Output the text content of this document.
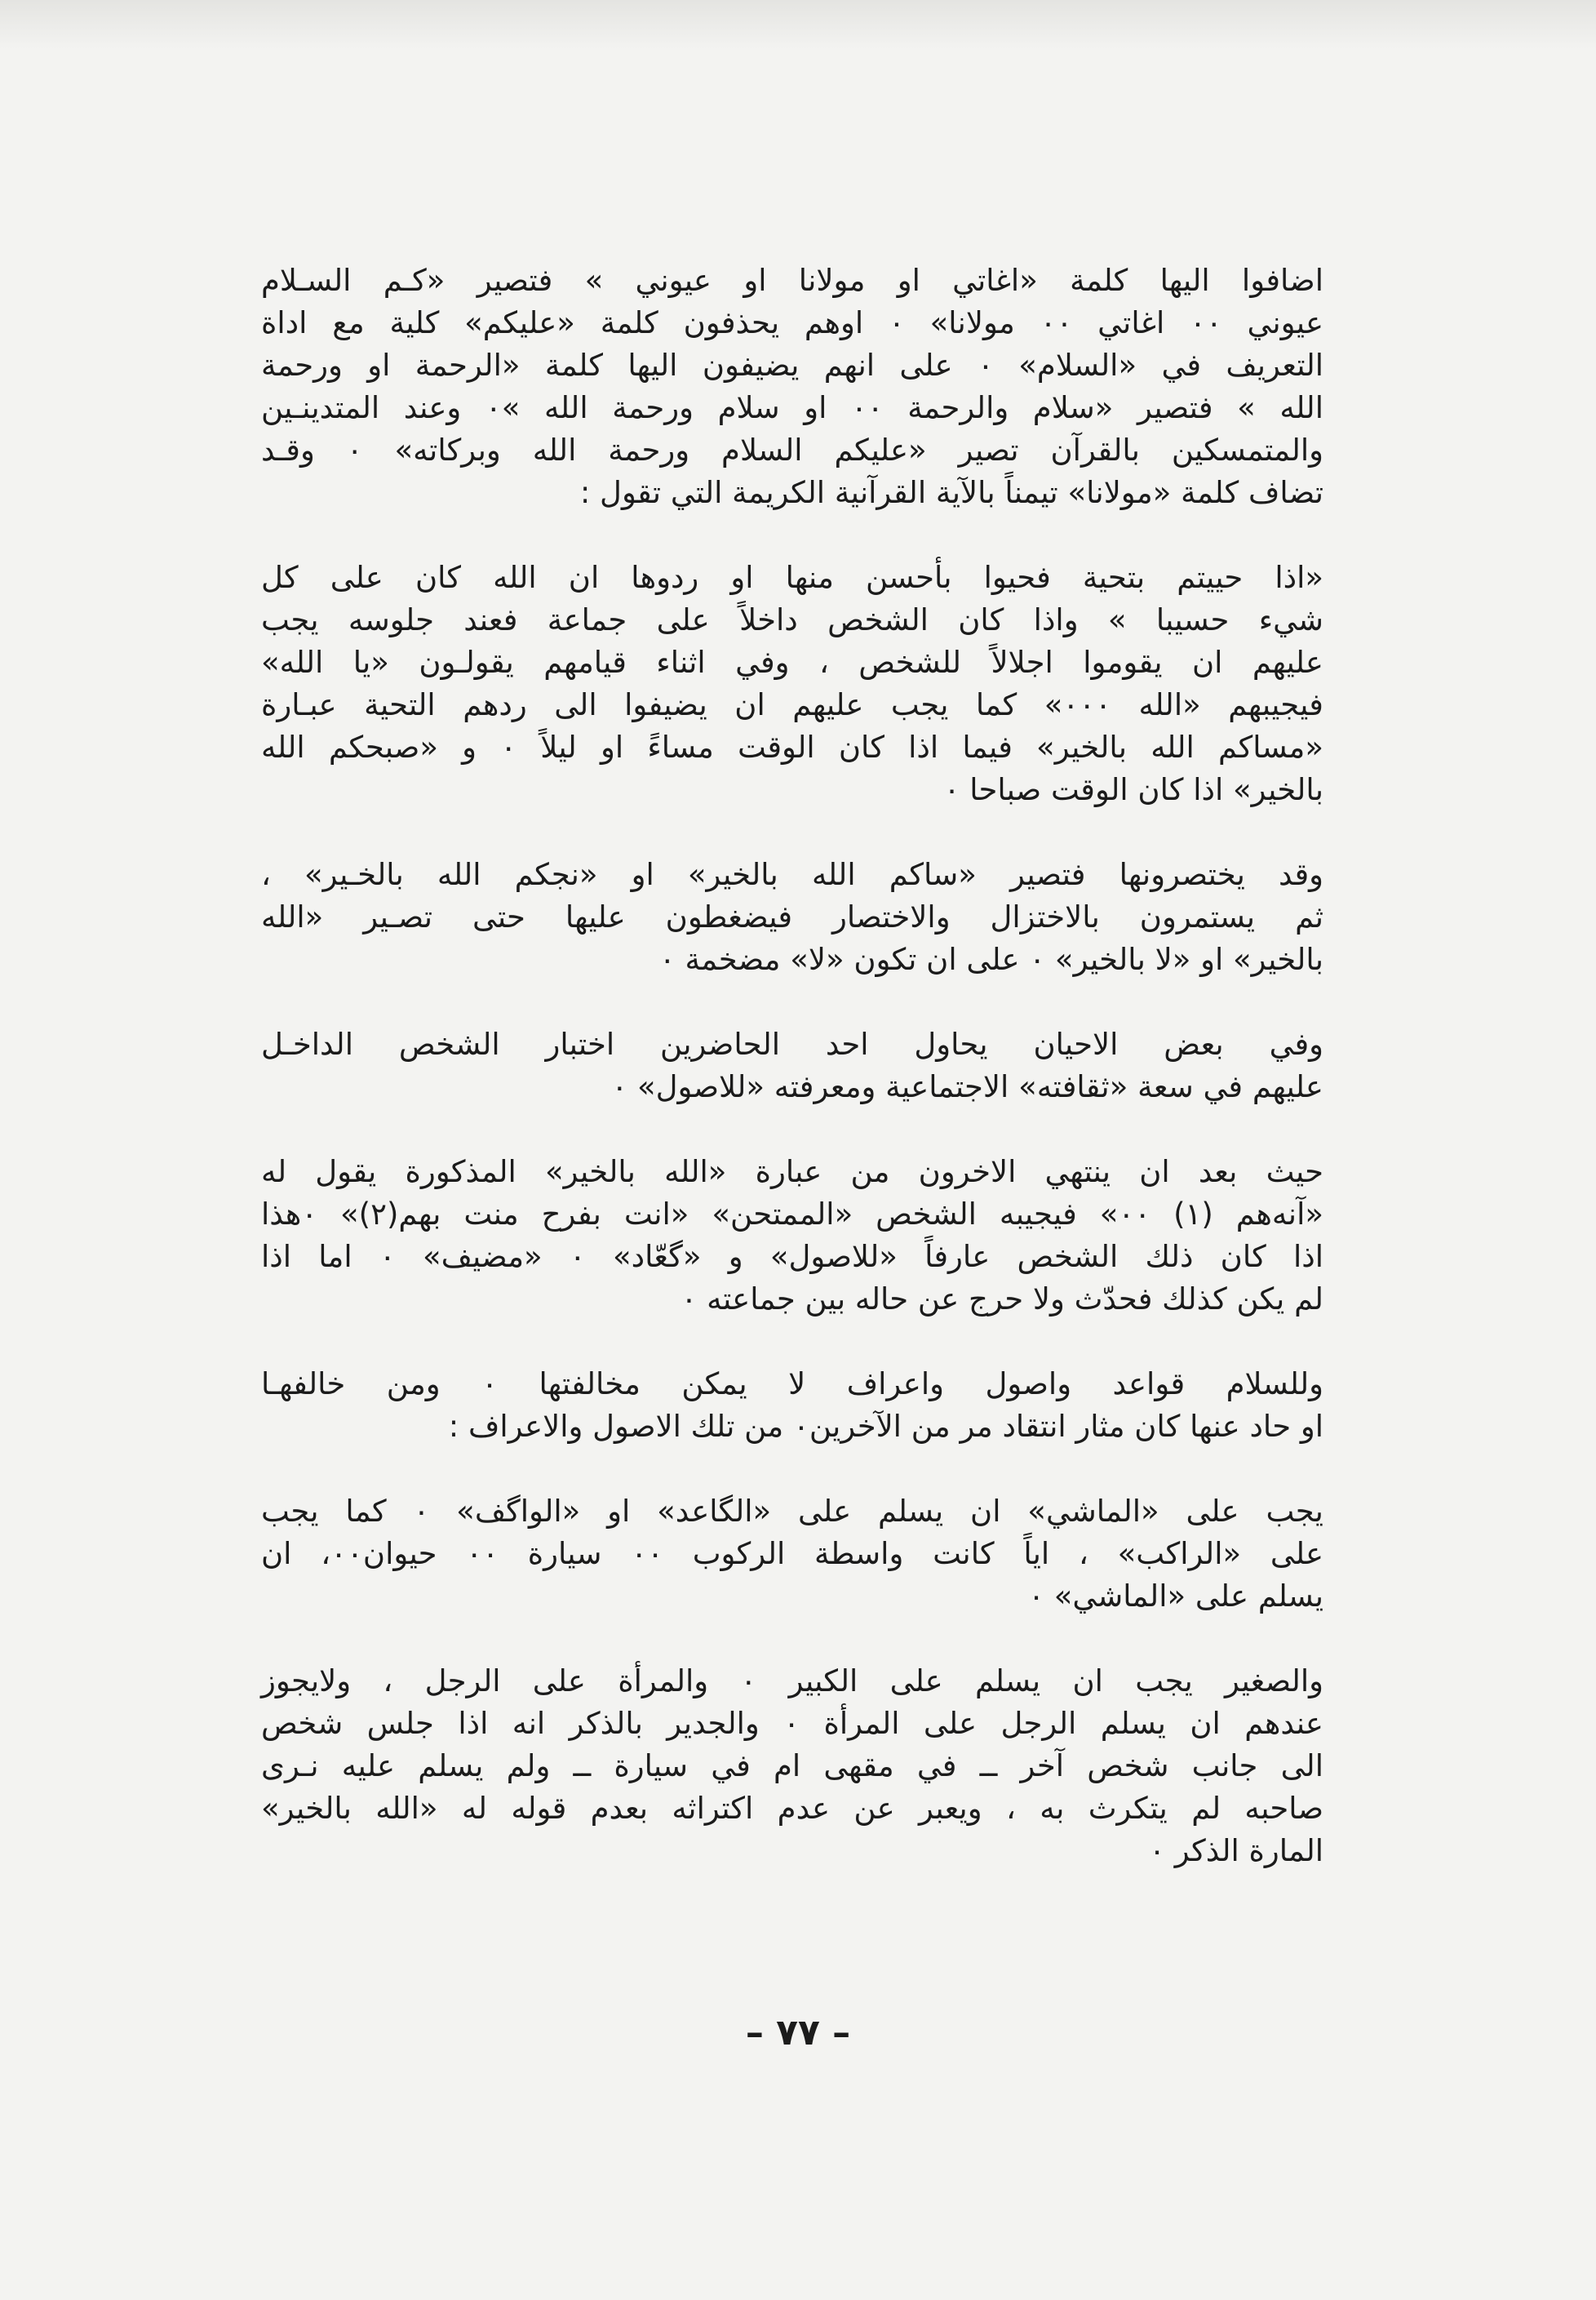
اضافوا اليها كلمة «اغاتي او مولانا او عيوني » فتصير «كـم السـلام
عيوني ٠٠ اغاتي ٠٠ مولانا» ٠ اوهم يحذفون كلمة «عليكم» كلية مع اداة
التعريف في «السلام» ٠ على انهم يضيفون اليها كلمة «الرحمة او ورحمة
الله » فتصير «سلام والرحمة ٠٠ او سلام ورحمة الله »٠ وعند المتدينـين
والمتمسكين بالقرآن تصير «عليكم السلام ورحمة الله وبركاته» ٠ وقـد
تضاف كلمة «مولانا» تيمناً بالآية القرآنية الكريمة التي تقول :
«اذا حييتم بتحية فحيوا بأحسن منها او ردوها ان الله كان على كل
شيء حسيبا » واذا كان الشخص داخلاً على جماعة فعند جلوسه يجب
عليهم ان يقوموا اجلالاً للشخص ، وفي اثناء قيامهم يقولـون «يا الله»
فيجيبهم «الله ٠٠٠» كما يجب عليهم ان يضيفوا الى ردهم التحية عبـارة
«مساكم الله بالخير» فيما اذا كان الوقت مساءً او ليلاً ٠ و «صبحكم الله
بالخير» اذا كان الوقت صباحا ٠
وقد يختصرونها فتصير «ساكم الله بالخير» او «نجكم الله بالخـير» ،
ثم يستمرون بالاختزال والاختصار فيضغطون عليها حتى تصـير «الله
بالخير» او «لا بالخير» ٠ على ان تكون «لا» مضخمة ٠
وفي بعض الاحيان يحاول احد الحاضرين اختبار الشخص الداخـل
عليهم في سعة «ثقافته» الاجتماعية ومعرفته «للاصول» ٠
حيث بعد ان ينتهي الاخرون من عبارة «الله بالخير» المذكورة يقول له
«آنه‌هم (١) ٠٠» فيجيبه الشخص «الممتحن» «انت بفرح منت بهم(٢)» ٠هذا
اذا كان ذلك الشخص عارفاً «للاصول» و «گعّاد» ٠ «مضيف» ٠ اما اذا
لم يكن كذلك فحدّث ولا حرج عن حاله بين جماعته ٠
وللسلام قواعد واصول واعراف لا يمكن مخالفتها ٠ ومن خالفهـا
او حاد عنها كان مثار انتقاد مر من الآخرين٠ من تلك الاصول والاعراف :
يجب على «الماشي» ان يسلم على «الگاعد» او «الواگف» ٠ كما يجب
على «الراكب» ، اياً كانت واسطة الركوب ٠٠ سيارة ٠٠ حيوان٠٠، ان
يسلم على «الماشي» ٠
والصغير يجب ان يسلم على الكبير ٠ والمرأة على الرجل ، ولايجوز
عندهم ان يسلم الرجل على المرأة ٠ والجدير بالذكر انه اذا جلس شخص
الى جانب شخص آخر ــ في مقهى ام في سيارة ــ ولم يسلم عليه نـرى
صاحبه لم يتكرث به ، ويعبر عن عدم اكتراثه بعدم قوله له «الله بالخير»
المارة الذكر ٠
– ٧٧ –
